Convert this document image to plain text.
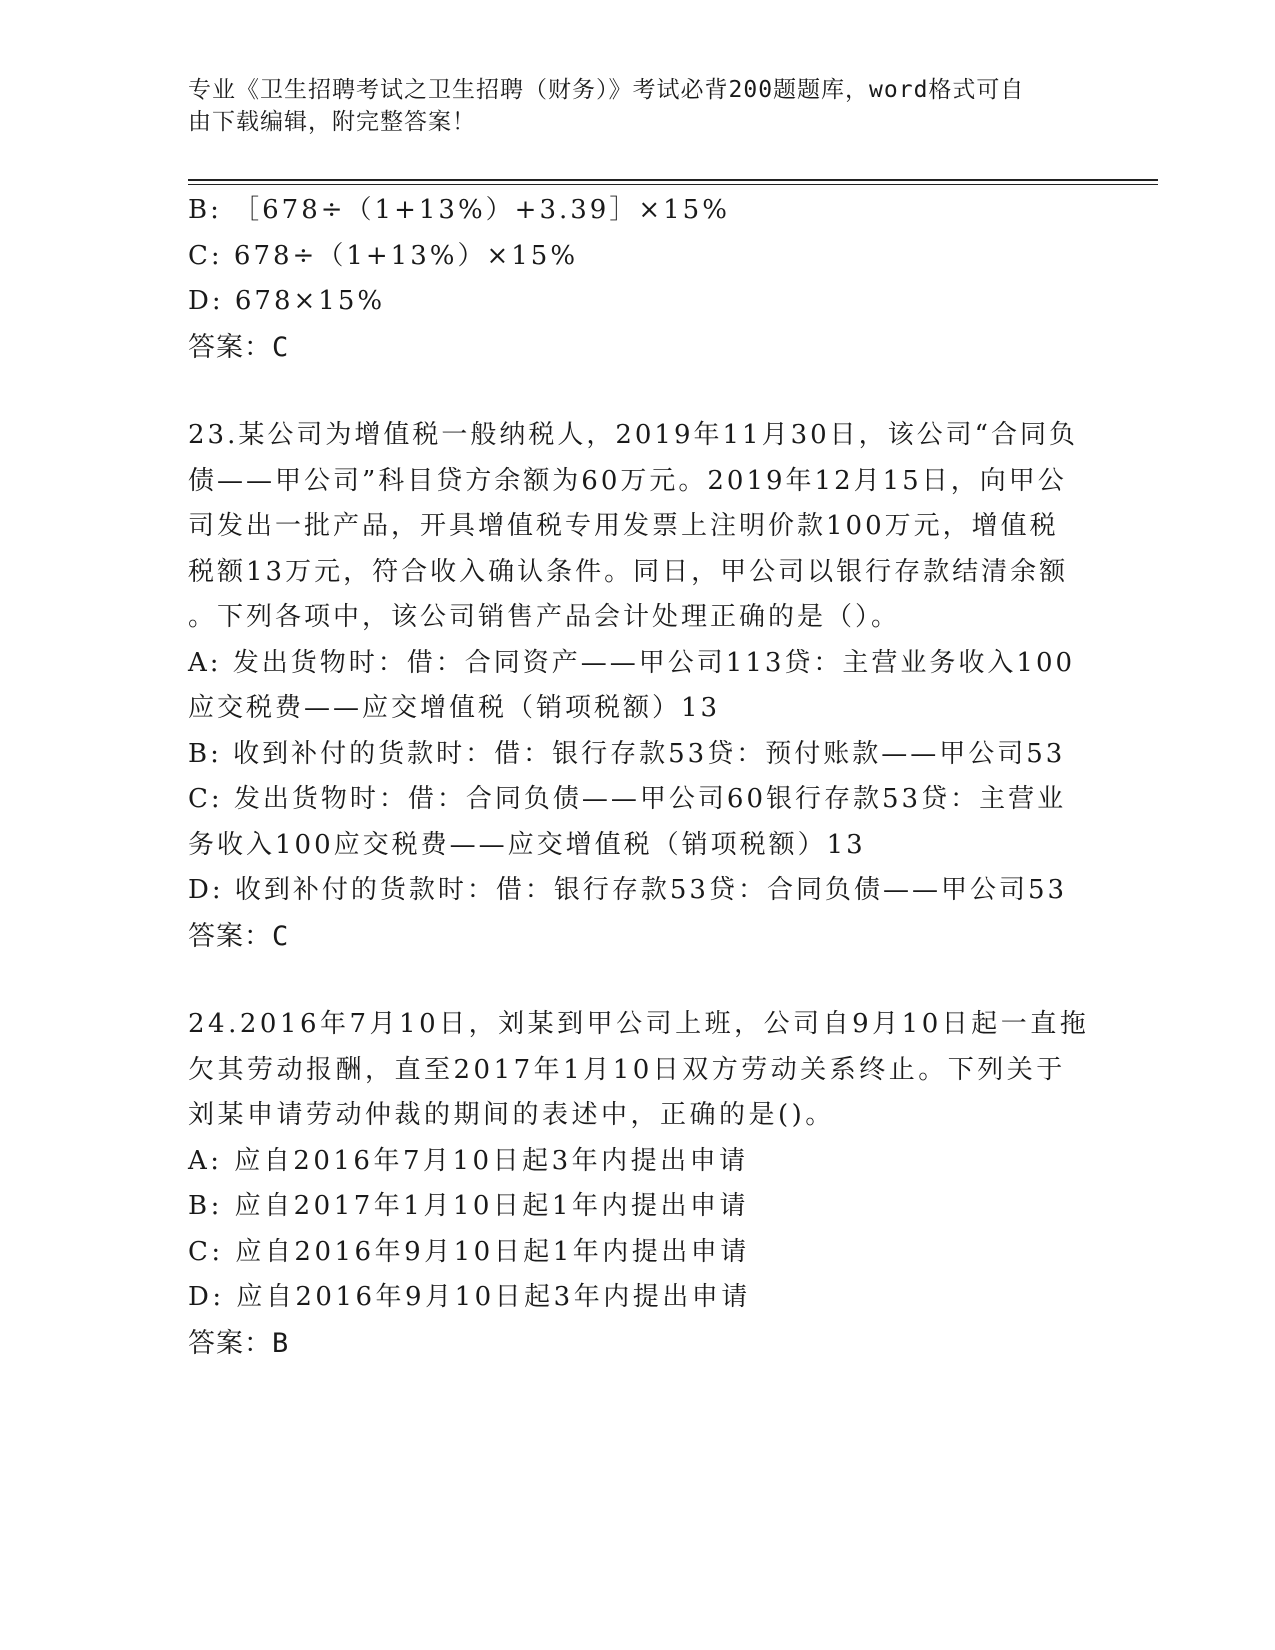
专业《卫生招聘考试之卫生招聘（财务）》考试必背200题题库，word格式可自
由下载编辑，附完整答案！
B: ［678÷（1+13%）+3.39］×15%
C: 678÷（1+13%）×15%
D: 678×15%
答案：C
23.某公司为增值税一般纳税人，2019年11月30日，该公司“合同负
债——甲公司”科目贷方余额为60万元。2019年12月15日，向甲公
司发出一批产品，开具增值税专用发票上注明价款100万元，增值税
税额13万元，符合收入确认条件。同日，甲公司以银行存款结清余额
。下列各项中，该公司销售产品会计处理正确的是（）。
A: 发出货物时：借：合同资产——甲公司113贷：主营业务收入100
应交税费——应交增值税（销项税额）13
B: 收到补付的货款时：借：银行存款53贷：预付账款——甲公司53
C: 发出货物时：借：合同负债——甲公司60银行存款53贷：主营业
务收入100应交税费——应交增值税（销项税额）13
D: 收到补付的货款时：借：银行存款53贷：合同负债——甲公司53
答案：C
24.2016年7月10日，刘某到甲公司上班，公司自9月10日起一直拖
欠其劳动报酬，直至2017年1月10日双方劳动关系终止。下列关于
刘某申请劳动仲裁的期间的表述中，正确的是()。
A: 应自2016年7月10日起3年内提出申请
B: 应自2017年1月10日起1年内提出申请
C: 应自2016年9月10日起1年内提出申请
D: 应自2016年9月10日起3年内提出申请
答案：B
